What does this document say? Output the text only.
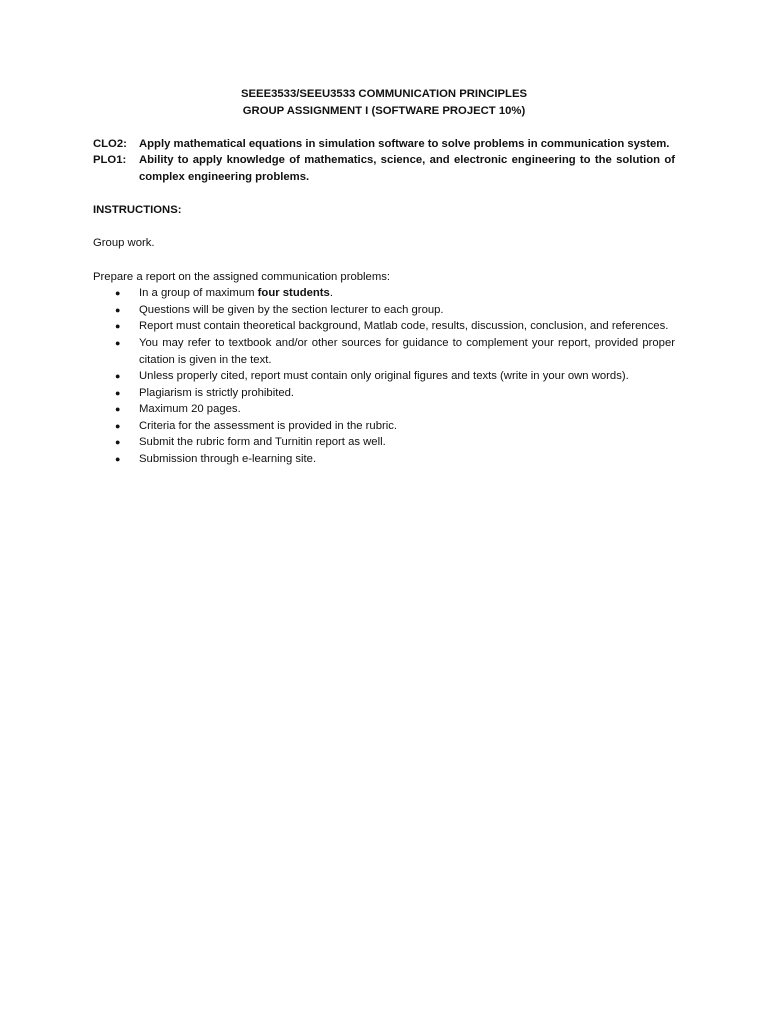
SEEE3533/SEEU3533 COMMUNICATION PRINCIPLES

GROUP ASSIGNMENT I (SOFTWARE PROJECT 10%)

CLO2:	Apply mathematical equations in simulation software to solve problems in communication system.
PLO1:	Ability to apply knowledge of mathematics, science, and electronic engineering to the solution of complex engineering problems.

INSTRUCTIONS:

Group work.

Prepare a report on the assigned communication problems:

●	In a group of maximum four students.
●	Questions will be given by the section lecturer to each group.
●	Report must contain theoretical background, Matlab code, results, discussion, conclusion, and references.
●	You may refer to textbook and/or other sources for guidance to complement your report, provided proper citation is given in the text.
●	Unless properly cited, report must contain only original figures and texts (write in your own words).
●	Plagiarism is strictly prohibited.
●	Maximum 20 pages.
●	Criteria for the assessment is provided in the rubric.
●	Submit the rubric form and Turnitin report as well.
●	Submission through e-learning site.
